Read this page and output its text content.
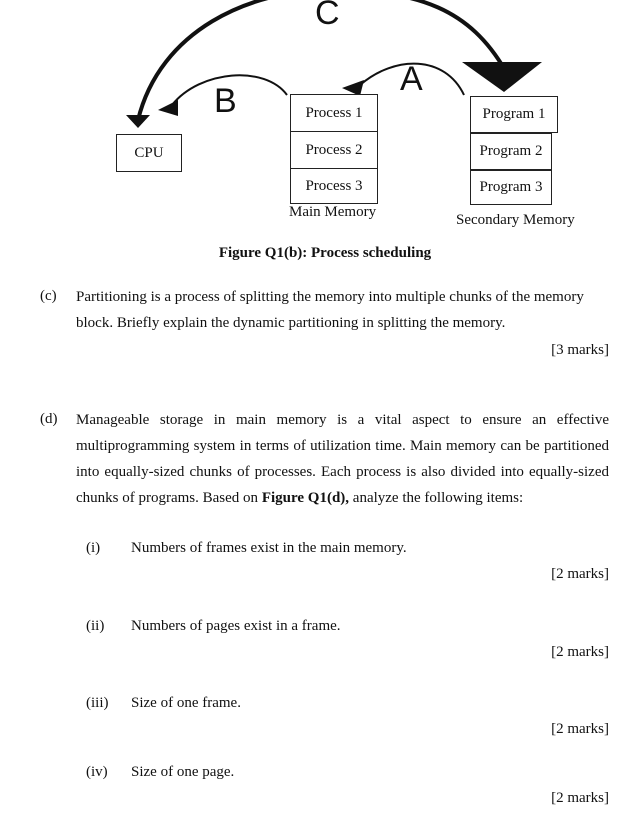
C
A
B
CPU
Process 1
Process 2
Process 3
Main Memory
Program 1
Program 2
Program 3
Secondary Memory
Figure Q1(b): Process scheduling
(c) Partitioning is a process of splitting the memory into multiple chunks of the memory block. Briefly explain the dynamic partitioning in splitting the memory.
[3 marks]
(d) Manageable storage in main memory is a vital aspect to ensure an effective multiprogramming system in terms of utilization time. Main memory can be partitioned into equally-sized chunks of processes. Each process is also divided into equally-sized chunks of programs. Based on Figure Q1(d), analyze the following items:
(i) Numbers of frames exist in the main memory.
[2 marks]
(ii) Numbers of pages exist in a frame.
[2 marks]
(iii) Size of one frame.
[2 marks]
(iv) Size of one page.
[2 marks]
